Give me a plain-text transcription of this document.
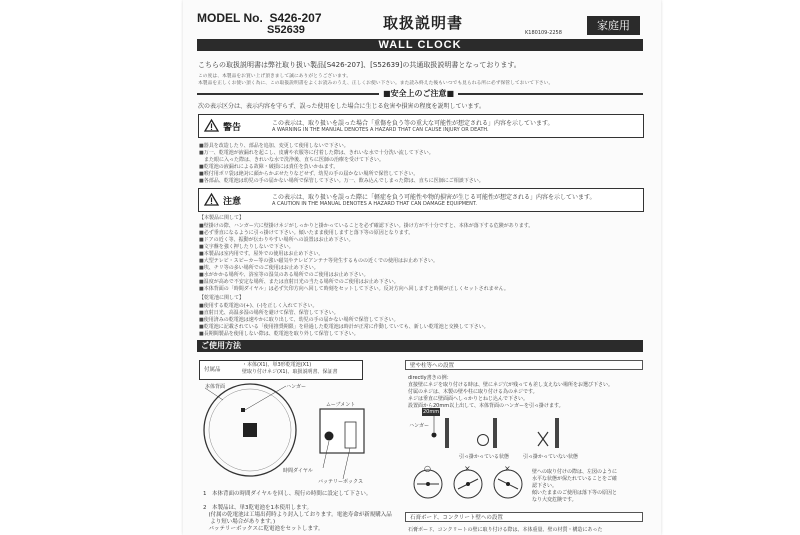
MODEL No. S426-207
S52639	取扱説明書
K180109-2258
家庭用
WALL CLOCK
こちらの取扱説明書は弊社取り扱い製品[S426-207]、[S52639]の共通取扱説明書となっております。
この度は、本製品をお買い上げ頂きまして誠にありがとうございます。
本製品を正しくお使い頂く為に、この取扱説明書をよくお読みのうえ、正しくお使い下さい。また読み終えた後もいつでも見られる所に必ず保管しておいて下さい。
■安全上のご注意■
次の表示区分は、表示内容を守らず、誤った使用をした場合に生じる危害や損害の程度を説明しています。
警告	この表示は、取り扱いを誤った場合「重傷を負う等の重大な可能性が想定される」内容を示しています。
A WARNING IN THE MANUAL DENOTES A HAZARD THAT CAN CAUSE INJURY OR DEATH.
■器具を改造したり、部品を追加、変更して使用しないで下さい。
■万一、乾電池が液漏れを起こし、皮膚や衣服等に付着した際は、きれいな水で十分洗い流して下さい。
　また眼に入った際は、きれいな水で洗浄後、直ちに医師の治療を受けて下さい。
■乾電池の液漏れによる故障・破損には責任を負いかねます。
■喉付用ボリ袋は絶対に顔からかぶせたりなどせず、幼児の手の届かない場所で保管して下さい。
■各部品、乾電池は幼児の手の届かない場所で保管して下さい。万一、飲み込んでしまった際は、直ちに医師にご相談下さい。
注意	この表示は、取り扱いを誤った際に「軽症を負う可能性や物的損害が生じる可能性が想定される」内容を示しています。
A CAUTION IN THE MANUAL DENOTES A HAZARD THAT CAN DAMAGE EQUIPMENT.
【本製品に関して】
■壁掛けの際、ハンガー穴に壁掛けネジがしっかりと掛かっていることを必ず確認下さい。掛け方が不十分ですと、本体が落下する危険があります。
■必ず垂直になるように引っ掛けて下さい。傾いたまま使用しますと落下等の原因となります。
■ドアの近く等、振動が伝わりやすい場所への設置はお止め下さい。
■文字盤を強く押したりしないで下さい。
■本製品は室内用です。屋外での使用はお止め下さい。
■大型テレビ・スピーカー等の強い磁気やテレビアンテナ等発生するものの近くでの使用はお止め下さい。
■埃、チリ等の多い場所でのご使用はお止め下さい。
■水がかかる場所や、浴室等の湿気のある場所でのご使用はお止め下さい。
■温度が高めで不安定な場所、または直射日光の当たる場所でのご使用はお止め下さい。
■本体背面の「時間ダイヤル」は必ず矢印方向へ回して時刻をセットして下さい。反対方向へ回しますと時間が正しくセットされません。
【乾電池に関して】
■使用する乾電池の(+)、(-)を正しく入れて下さい。
■直射日光、高温多湿の場所を避けて保管、保管して下さい。
■使用済みの乾電池は速やかに取り出して、幼児の手の届かない場所で保管して下さい。
■乾電池に記載されている「使用推奨期限」を経過した乾電池は時計が正常に作動していても、新しい乾電池と交換して下さい。
■長期間製品を使用しない際は、乾電池を取り外して保管して下さい。
ご使用方法
付属品
・本体(X1)、単3形乾電池(X1)
壁取り付けネジ(X1)、取扱説明書、保証書
本体背面	ハンガー
ムーブメント
時間ダイヤル
バッテリーボックス
1　本体背面の時間ダイヤルを回し、現行の時間に設定して下さい。
2　本製品は、単3乾電池を1本使用します。
　(付属の乾電池は工場出荷時より封入しております。電池寿命が新規購入品
　 より短い場合があります。)
　バッテリーボックスに乾電池をセットします。
壁や柱等への設置
directly書きの例：
直接壁にネジを取り付ける時は、壁にネジ穴が残っても差し支えない場所をお選び下さい。
付属のネジは、木製の壁や柱に取り付ける為のネジです。
ネジは垂直に壁面面へしっかりとねじ込んで下さい。
設置面から20mm以上出して、本体背面のハンガーを引っ掛けます。
20mm
ハンガー
引っ掛かっている状態	引っ掛かっていない状態
○	×	×	壁への取り付けの際は、左図のように
水平な状態が保たれていることをご確
認下さい。
傾いたままのご使用は落下等の原因と
なり大変危険です。
石膏ボード、コンクリート壁への設置
石膏ボード、コンクリートの壁に取り付ける際は、本体重量、壁の材質・構造にあった
